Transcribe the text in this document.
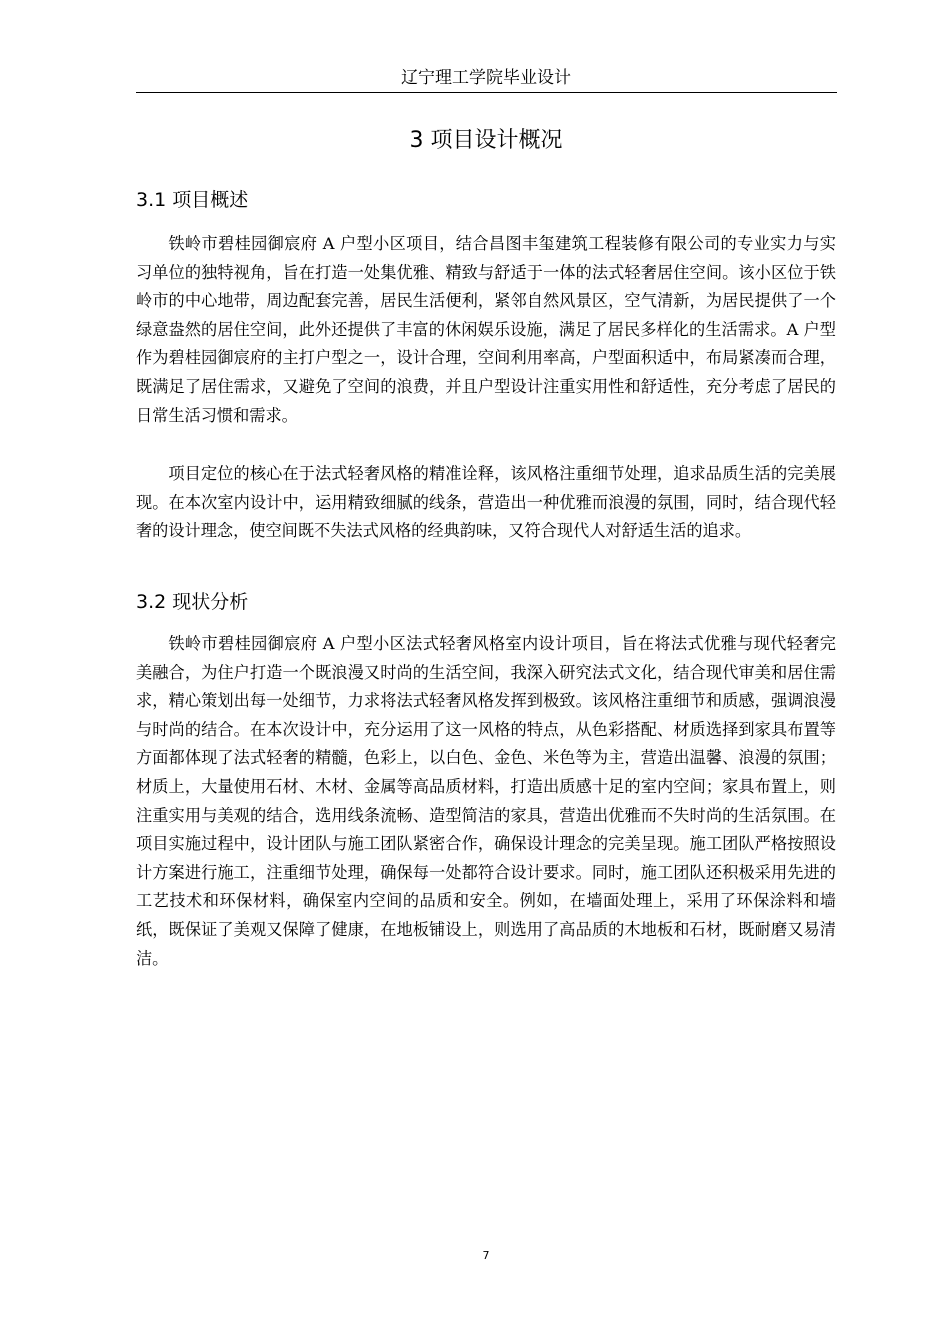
辽宁理工学院毕业设计
3 项目设计概况
3.1 项目概述

铁岭市碧桂园御宸府 A 户型小区项目，结合昌图丰玺建筑工程装修有限公司的专业实力与实习单位的独特视角，旨在打造一处集优雅、精致与舒适于一体的法式轻奢居住空间。该小区位于铁岭市的中心地带，周边配套完善，居民生活便利，紧邻自然风景区，空气清新，为居民提供了一个绿意盎然的居住空间，此外还提供了丰富的休闲娱乐设施，满足了居民多样化的生活需求。A 户型作为碧桂园御宸府的主打户型之一，设计合理，空间利用率高，户型面积适中，布局紧凑而合理，既满足了居住需求，又避免了空间的浪费，并且户型设计注重实用性和舒适性，充分考虑了居民的日常生活习惯和需求。

项目定位的核心在于法式轻奢风格的精准诠释，该风格注重细节处理，追求品质生活的完美展现。在本次室内设计中，运用精致细腻的线条，营造出一种优雅而浪漫的氛围，同时，结合现代轻奢的设计理念，使空间既不失法式风格的经典韵味，又符合现代人对舒适生活的追求。

3.2 现状分析

铁岭市碧桂园御宸府 A 户型小区法式轻奢风格室内设计项目，旨在将法式优雅与现代轻奢完美融合，为住户打造一个既浪漫又时尚的生活空间，我深入研究法式文化，结合现代审美和居住需求，精心策划出每一处细节，力求将法式轻奢风格发挥到极致。该风格注重细节和质感，强调浪漫与时尚的结合。在本次设计中，充分运用了这一风格的特点，从色彩搭配、材质选择到家具布置等方面都体现了法式轻奢的精髓，色彩上，以白色、金色、米色等为主，营造出温馨、浪漫的氛围；材质上，大量使用石材、木材、金属等高品质材料，打造出质感十足的室内空间；家具布置上，则注重实用与美观的结合，选用线条流畅、造型简洁的家具，营造出优雅而不失时尚的生活氛围。在项目实施过程中，设计团队与施工团队紧密合作，确保设计理念的完美呈现。施工团队严格按照设计方案进行施工，注重细节处理，确保每一处都符合设计要求。同时，施工团队还积极采用先进的工艺技术和环保材料，确保室内空间的品质和安全。例如，在墙面处理上，采用了环保涂料和墙纸，既保证了美观又保障了健康，在地板铺设上，则选用了高品质的木地板和石材，既耐磨又易清洁。

7
